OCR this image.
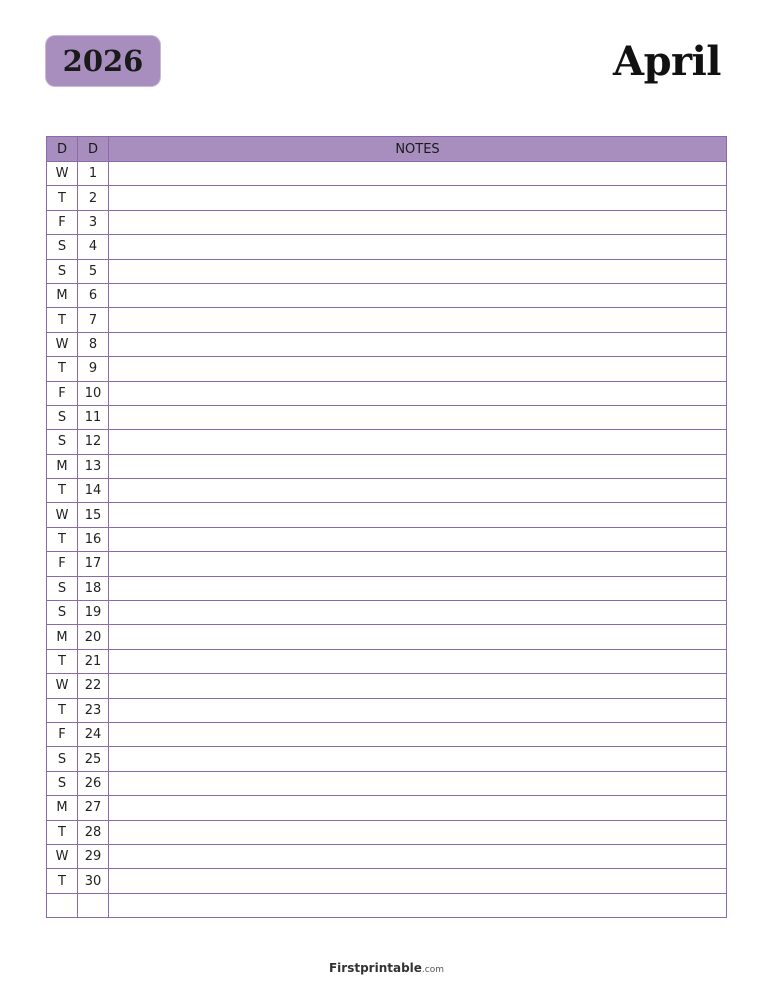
2026	April
D	D	NOTES
W	1	
T	2	
F	3	
S	4	
S	5	
M	6	
T	7	
W	8	
T	9	
F	10	
S	11	
S	12	
M	13	
T	14	
W	15	
T	16	
F	17	
S	18	
S	19	
M	20	
T	21	
W	22	
T	23	
F	24	
S	25	
S	26	
M	27	
T	28	
W	29	
T	30	

Firstprintable.com
